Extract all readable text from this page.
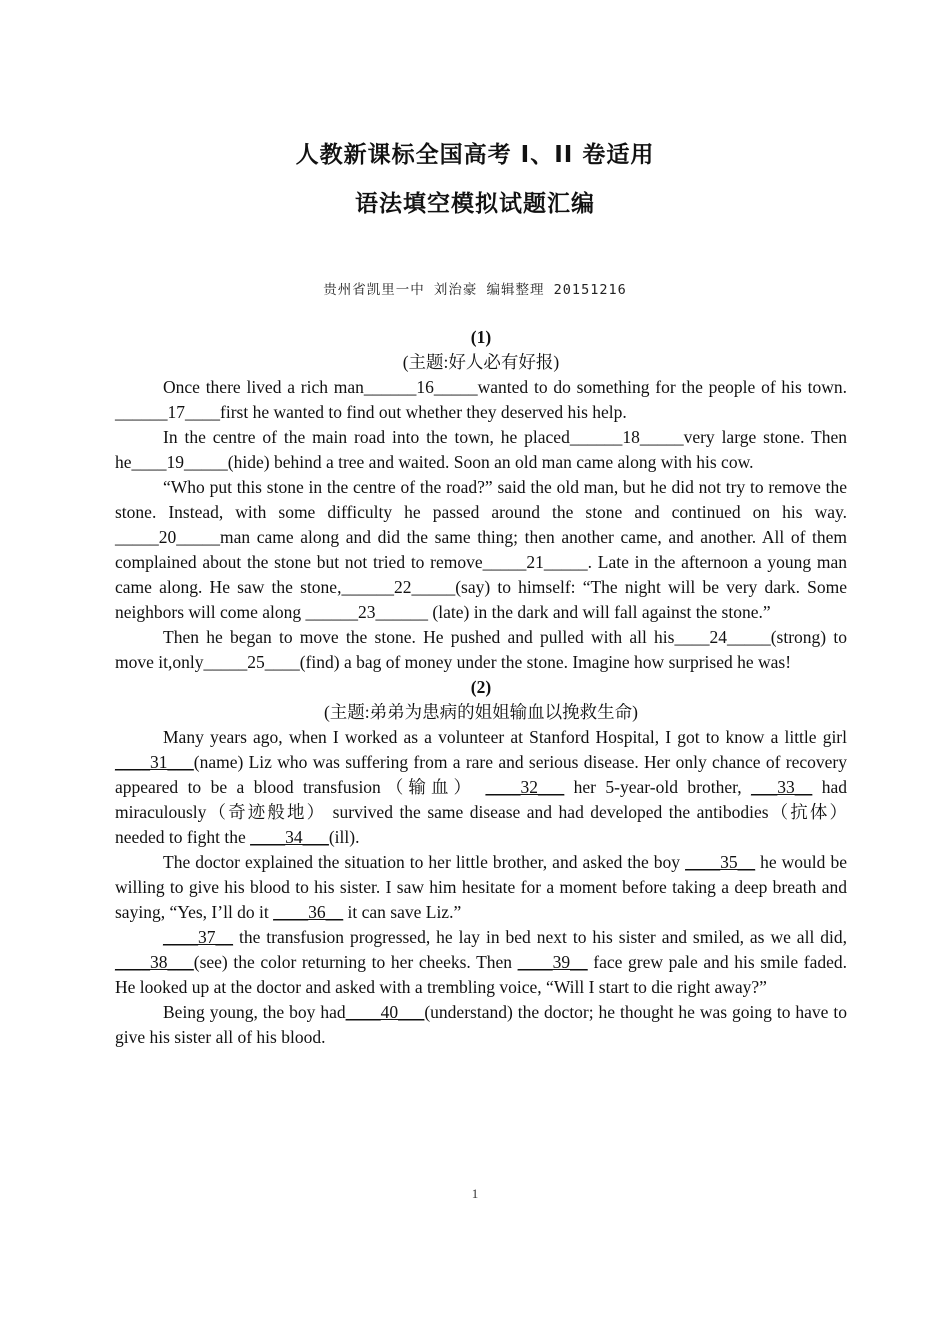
人教新课标全国高考 I、II 卷适用
语法填空模拟试题汇编
贵州省凯里一中 刘治豪 编辑整理 20151216
(1)
(主题:好人必有好报)

Once there lived a rich man______16_____wanted to do something for the people of his town. ______17____first he wanted to find out whether they deserved his help.

In the centre of the main road into the town, he placed______18_____very large stone. Then he____19_____(hide) behind a tree and waited. Soon an old man came along with his cow.

“Who put this stone in the centre of the road?” said the old man, but he did not try to remove the stone. Instead, with some difficulty he passed around the stone and continued on his way. _____20_____man came along and did the same thing; then another came, and another. All of them complained about the stone but not tried to remove_____21_____. Late in the afternoon a young man came along. He saw the stone,______22_____(say) to himself: “The night will be very dark. Some neighbors will come along ______23______ (late) in the dark and will fall against the stone.”

Then he began to move the stone. He pushed and pulled with all his____24_____(strong) to move it,only_____25____(find) a bag of money under the stone. Imagine how surprised he was!

(2)
(主题:弟弟为患病的姐姐输血以挽救生命)

Many years ago, when I worked as a volunteer at Stanford Hospital, I got to know a little girl ____31___(name) Liz who was suffering from a rare and serious disease. Her only chance of recovery appeared to be a blood transfusion（输血） ____32___ her 5-year-old brother, ___33__ had miraculously（奇迹般地） survived the same disease and had developed the antibodies（抗体） needed to fight the ____34___(ill).

The doctor explained the situation to her little brother, and asked the boy ____35__ he would be willing to give his blood to his sister. I saw him hesitate for a moment before taking a deep breath and saying, “Yes, I’ll do it ____36__ it can save Liz.”

____37__ the transfusion progressed, he lay in bed next to his sister and smiled, as we all did, ____38___(see) the color returning to her cheeks. Then ____39__ face grew pale and his smile faded. He looked up at the doctor and asked with a trembling voice, “Will I start to die right away?”

Being young, the boy had____40___(understand) the doctor; he thought he was going to have to give his sister all of his blood.

1
